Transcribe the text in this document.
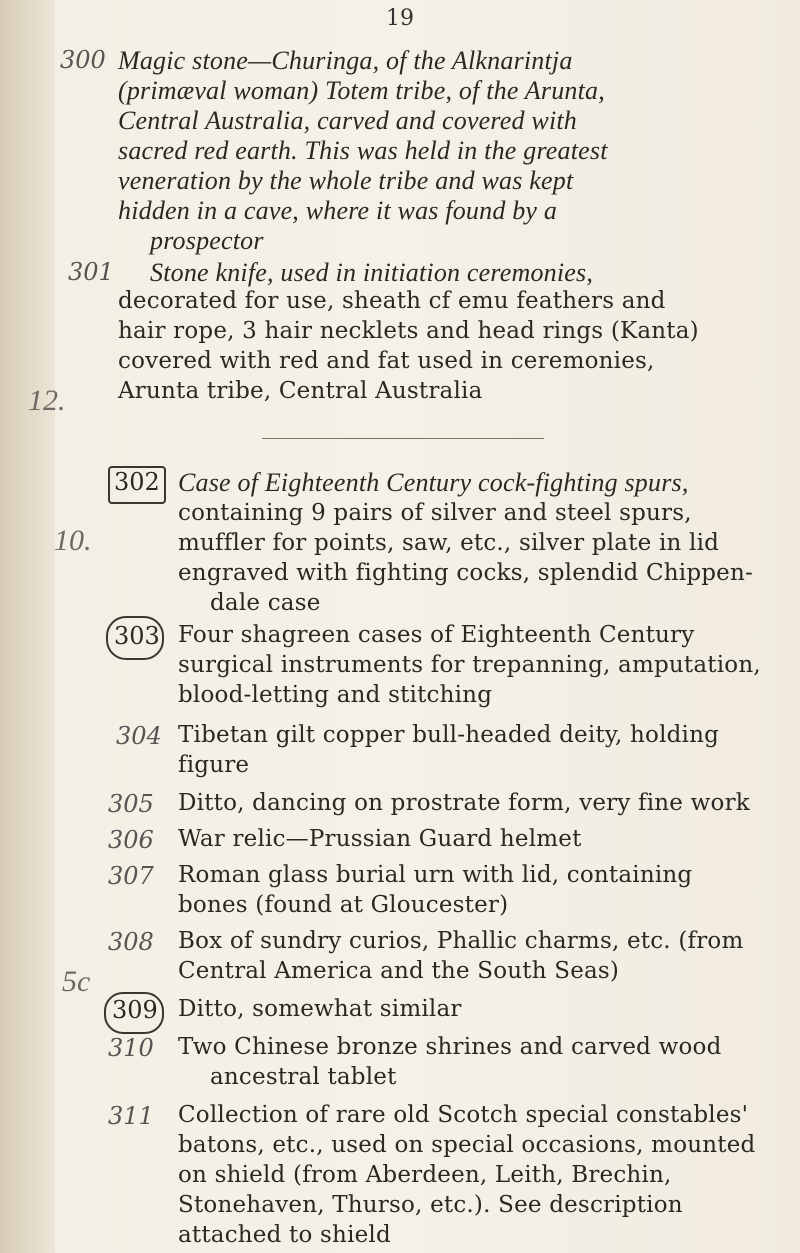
19
12.
10.
5c
300 Magic stone—Churinga, of the Alknarintja
(primæval woman) Totem tribe, of the Arunta,
Central Australia, carved and covered with
sacred red earth. This was held in the greatest
veneration by the whole tribe and was kept
hidden in a cave, where it was found by a
prospector
301 Stone knife, used in initiation ceremonies,
decorated for use, sheath cf emu feathers and
hair rope, 3 hair necklets and head rings (Kanta)
covered with red and fat used in ceremonies,
Arunta tribe, Central Australia
302 Case of Eighteenth Century cock-fighting spurs,
containing 9 pairs of silver and steel spurs,
muffler for points, saw, etc., silver plate in lid
engraved with fighting cocks, splendid Chippen-
dale case
303 Four shagreen cases of Eighteenth Century
surgical instruments for trepanning, amputation,
blood-letting and stitching
304 Tibetan gilt copper bull-headed deity, holding
figure
305 Ditto, dancing on prostrate form, very fine work
306 War relic—Prussian Guard helmet
307 Roman glass burial urn with lid, containing
bones (found at Gloucester)
308 Box of sundry curios, Phallic charms, etc. (from
Central America and the South Seas)
309 Ditto, somewhat similar
310 Two Chinese bronze shrines and carved wood
ancestral tablet
311 Collection of rare old Scotch special constables'
batons, etc., used on special occasions, mounted
on shield (from Aberdeen, Leith, Brechin,
Stonehaven, Thurso, etc.). See description
attached to shield
